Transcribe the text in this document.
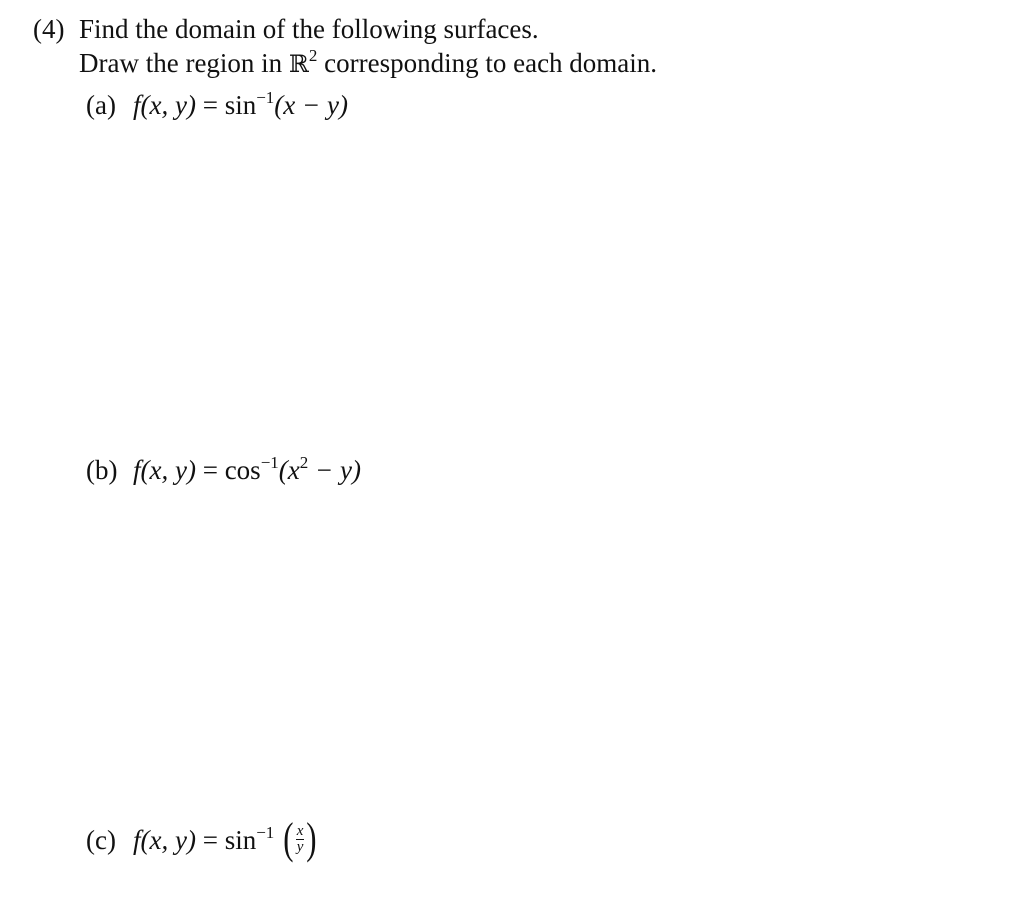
(4) Find the domain of the following surfaces.
Draw the region in ℝ$^2$ corresponding to each domain.
(a) f(x, $y) = \sin^{-1}(x - y)$
(b) f(x, $y) = \cos^{-1}(x^2 - y)$
(c) f(x, $y) = \sin^{-1}$ ( $\frac{x}{y}$ )
